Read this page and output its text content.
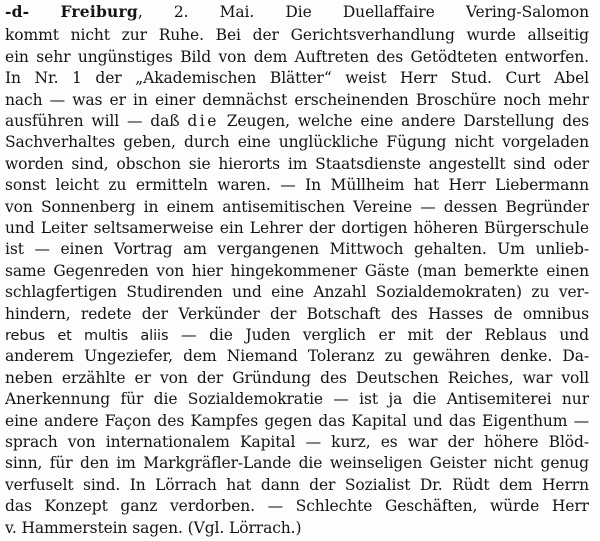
-d- Freiburg, 2. Mai. Die Duellaffaire Vering-Salomon
kommt nicht zur Ruhe. Bei der Gerichtsverhandlung wurde allseitig
ein sehr ungünstiges Bild von dem Auftreten des Getödteten entworfen.
In Nr. 1 der „Akademischen Blätter“ weist Herr Stud. Curt Abel
nach — was er in einer demnächst erscheinenden Broschüre noch mehr
ausführen will — daß die Zeugen, welche eine andere Darstellung des
Sachverhaltes geben, durch eine unglückliche Fügung nicht vorgeladen
worden sind, obschon sie hierorts im Staatsdienste angestellt sind oder
sonst leicht zu ermitteln waren. — In Müllheim hat Herr Liebermann
von Sonnenberg in einem antisemitischen Vereine — dessen Begründer
und Leiter seltsamerweise ein Lehrer der dortigen höheren Bürgerschule
ist — einen Vortrag am vergangenen Mittwoch gehalten. Um unlieb-
same Gegenreden von hier hingekommener Gäste (man bemerkte einen
schlagfertigen Studirenden und eine Anzahl Sozialdemokraten) zu ver-
hindern, redete der Verkünder der Botschaft des Hasses de omnibus
rebus et multis aliis — die Juden verglich er mit der Reblaus und
anderem Ungeziefer, dem Niemand Toleranz zu gewähren denke. Da-
neben erzählte er von der Gründung des Deutschen Reiches, war voll
Anerkennung für die Sozialdemokratie — ist ja die Antisemiterei nur
eine andere Façon des Kampfes gegen das Kapital und das Eigenthum —
sprach von internationalem Kapital — kurz, es war der höhere Blöd-
sinn, für den im Markgräfler-Lande die weinseligen Geister nicht genug
verfuselt sind. In Lörrach hat dann der Sozialist Dr. Rüdt dem Herrn
das Konzept ganz verdorben. — Schlechte Geschäften, würde Herr
v. Hammerstein sagen. (Vgl. Lörrach.)
